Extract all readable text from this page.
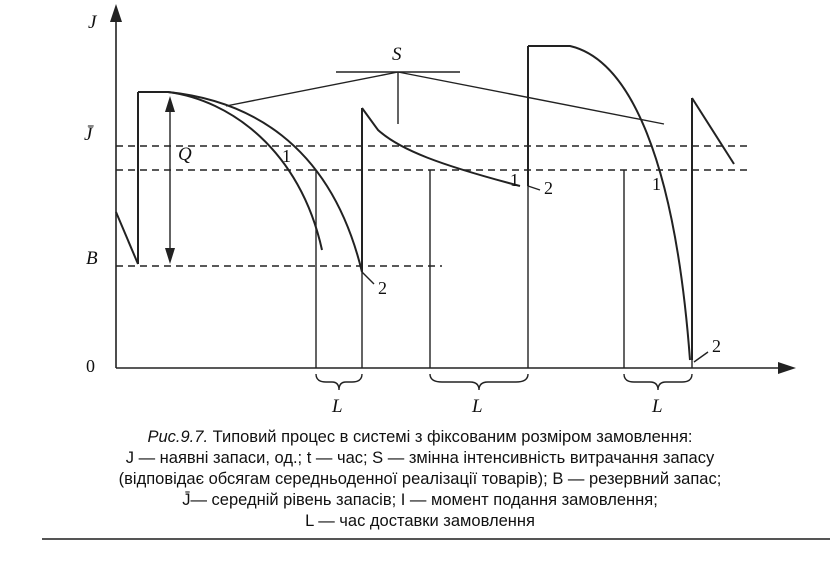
J
0
J̄
B
Q
S
1
2
1 2	1
2
L	L	L
Рис.9.7. Типовий процес в системі з фіксованим розміром замовлення:
J — наявні запаси, од.; t — час; S — змінна інтенсивність витрачання запасу
(відповідає обсягам середньоденної реалізації товарів); B — резервний запас;
J̄— середній рівень запасів; I — момент подання замовлення;
L — час доставки замовлення
